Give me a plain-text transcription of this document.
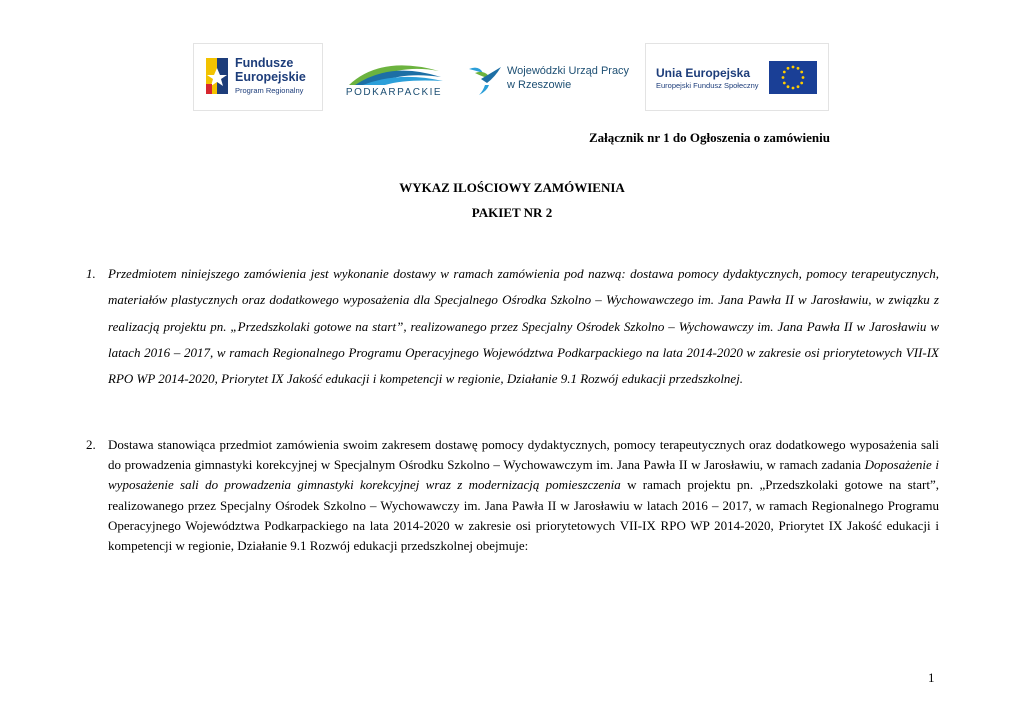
Fundusze
Europejskie
Program Regionalny	PODKARPACKIE
Wojewódzki Urząd Pracy
w Rzeszowie
Unia Europejska
Europejski Fundusz Społeczny
Załącznik nr 1 do Ogłoszenia o zamówieniu
WYKAZ ILOŚCIOWY ZAMÓWIENIA
PAKIET NR 2
1. Przedmiotem niniejszego zamówienia jest wykonanie dostawy w ramach zamówienia pod nazwą: dostawa pomocy dydaktycznych, pomocy terapeutycznych, materiałów plastycznych oraz dodatkowego wyposażenia dla Specjalnego Ośrodka Szkolno – Wychowawczego im. Jana Pawła II w Jarosławiu, w związku z realizacją projektu pn. „Przedszkolaki gotowe na start”, realizowanego przez Specjalny Ośrodek Szkolno – Wychowawczy im. Jana Pawła II w Jarosławiu w latach 2016 – 2017, w ramach Regionalnego Programu Operacyjnego Województwa Podkarpackiego na lata 2014-2020 w zakresie osi priorytetowych VII-IX RPO WP 2014-2020, Priorytet IX Jakość edukacji i kompetencji w regionie, Działanie 9.1 Rozwój edukacji przedszkolnej.
2. Dostawa stanowiąca przedmiot zamówienia swoim zakresem dostawę pomocy dydaktycznych, pomocy terapeutycznych oraz dodatkowego wyposażenia sali do prowadzenia gimnastyki korekcyjnej w Specjalnym Ośrodku Szkolno – Wychowawczym im. Jana Pawła II w Jarosławiu, w ramach zadania Doposażenie i wyposażenie sali do prowadzenia gimnastyki korekcyjnej wraz z modernizacją pomieszczenia w ramach projektu pn. „Przedszkolaki gotowe na start”, realizowanego przez Specjalny Ośrodek Szkolno – Wychowawczy im. Jana Pawła II w Jarosławiu w latach 2016 – 2017, w ramach Regionalnego Programu Operacyjnego Województwa Podkarpackiego na lata 2014-2020 w zakresie osi priorytetowych VII-IX RPO WP 2014-2020, Priorytet IX Jakość edukacji i kompetencji w regionie, Działanie 9.1 Rozwój edukacji przedszkolnej obejmuje:
1
